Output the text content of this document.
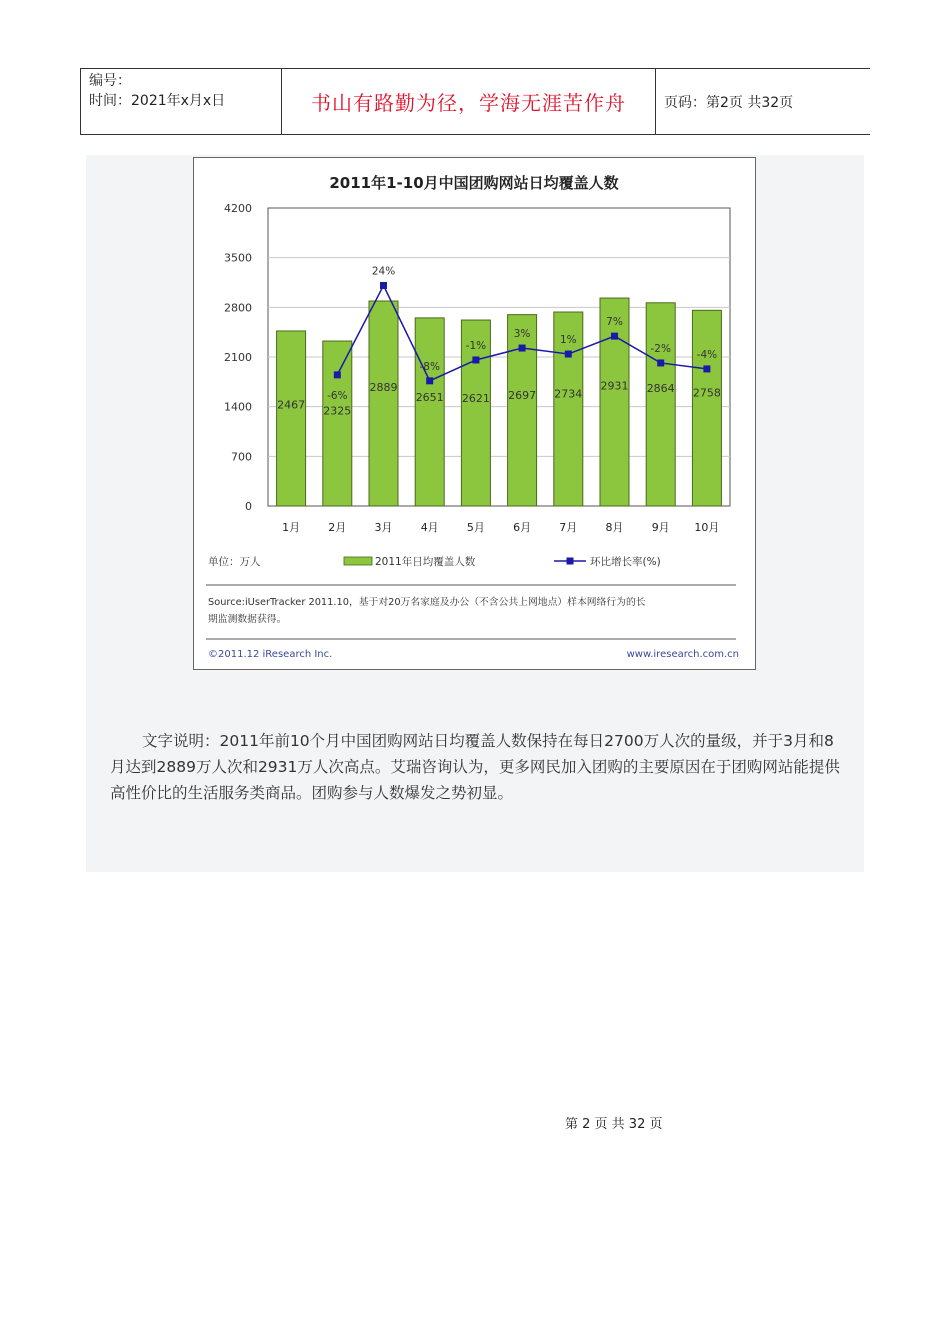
编号：
时间：2021年x月x日	书山有路勤为径，学海无涯苦作舟	页码：第2页 共32页
2011年1-10月中国团购网站日均覆盖人数
4200
3500
2800
2100
1400
700
0
2467
1月
2325
2月
2889
3月
2651
4月
2621
5月
2697
6月
2734
7月
2931
8月
2864
9月
2758
10月
-6%
24%
-8%
-1%
3%	1%
7%
-2% -4%
单位：万人	2011年日均覆盖人数	环比增长率(%)
Source:iUserTracker 2011.10，基于对20万名家庭及办公（不含公共上网地点）样本网络行为的长
期监测数据获得。
©2011.12 iResearch Inc.	www.iresearch.com.cn
文字说明：2011年前10个月中国团购网站日均覆盖人数保持在每日2700万人次的量级，并于3月和8月达到2889万人次和2931万人次高点。艾瑞咨询认为，更多网民加入团购的主要原因在于团购网站能提供高性价比的生活服务类商品。团购参与人数爆发之势初显。
第 2 页 共 32 页
